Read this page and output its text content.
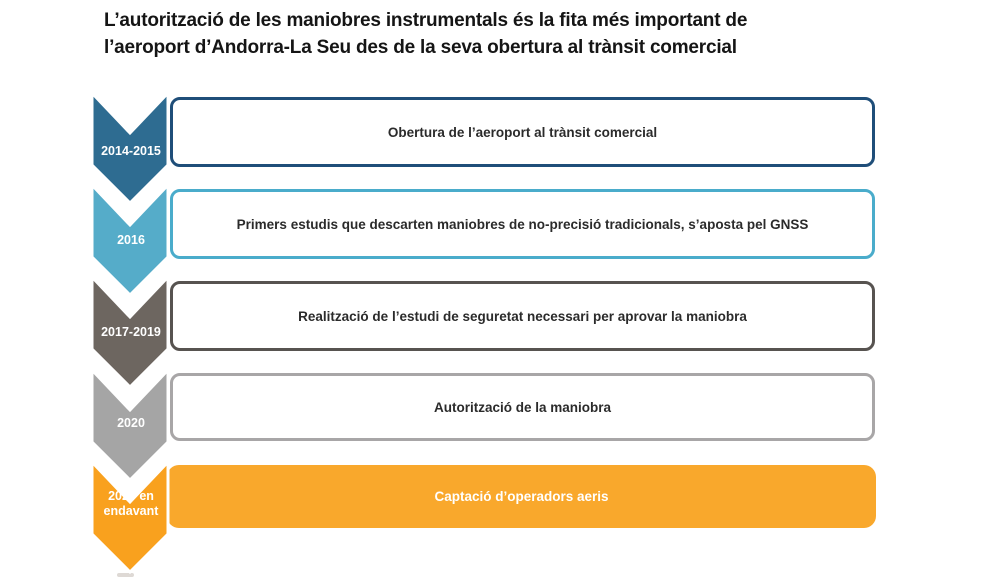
L’autorització de les maniobres instrumentals és la fita més important de
l’aeroport d’Andorra-La Seu des de la seva obertura al trànsit comercial
2014-2015
2016
2017-2019
2020
2020 en endavant
Obertura de l’aeroport al trànsit comercial
Primers estudis que descarten maniobres de no-precisió tradicionals, s’aposta pel GNSS
Realització de l’estudi de seguretat necessari per aprovar la maniobra
Autorització de la maniobra
Captació d’operadors aeris
